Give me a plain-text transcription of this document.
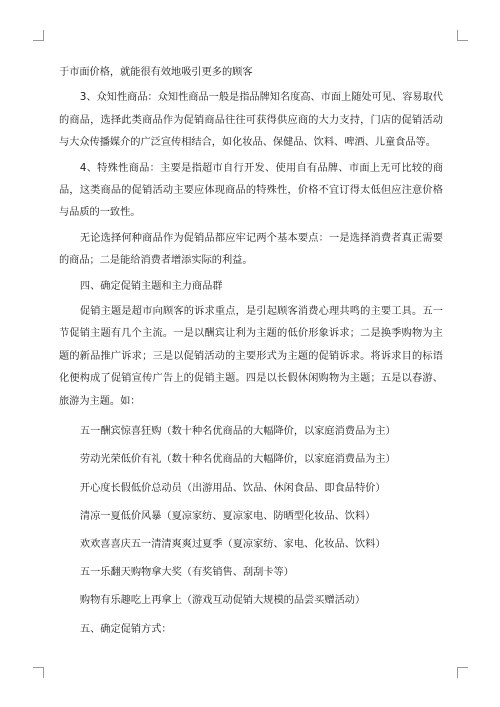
于市面价格，就能很有效地吸引更多的顾客

3、众知性商品：众知性商品一般是指品牌知名度高、市面上随处可见、容易取代的商品，选择此类商品作为促销商品往往可获得供应商的大力支持，门店的促销活动与大众传播媒介的广泛宣传相结合，如化妆品、保健品、饮料、啤酒、儿童食品等。

4、特殊性商品：主要是指超市自行开发、使用自有品牌、市面上无可比较的商品，这类商品的促销活动主要应体现商品的特殊性，价格不宜订得太低但应注意价格与品质的一致性。

无论选择何种商品作为促销品都应牢记两个基本要点：一是选择消费者真正需要的商品；二是能给消费者增添实际的利益。

四、确定促销主题和主力商品群

促销主题是超市向顾客的诉求重点，是引起顾客消费心理共鸣的主要工具。五一节促销主题有几个主流。一是以酬宾让利为主题的低价形象诉求；二是换季购物为主题的新品推广诉求；三是以促销活动的主要形式为主题的促销诉求。将诉求目的标语化便构成了促销宣传广告上的促销主题。四是以长假休闲购物为主题；五是以春游、旅游为主题。如：

五一酬宾惊喜狂购（数十种名优商品的大幅降价，以家庭消费品为主）

劳动光荣低价有礼（数十种名优商品的大幅降价，以家庭消费品为主）

开心度长假低价总动员（出游用品、饮品、休闲食品、即食品特价）

清凉一夏低价风暴（夏凉家纺、夏凉家电、防晒型化妆品、饮料）

欢欢喜喜庆五一清清爽爽过夏季（夏凉家纺、家电、化妆品、饮料）

五一乐翻天购物拿大奖（有奖销售、刮刮卡等）

购物有乐趣吃上再拿上（游戏互动促销大规模的品尝买赠活动）

五、确定促销方式：
